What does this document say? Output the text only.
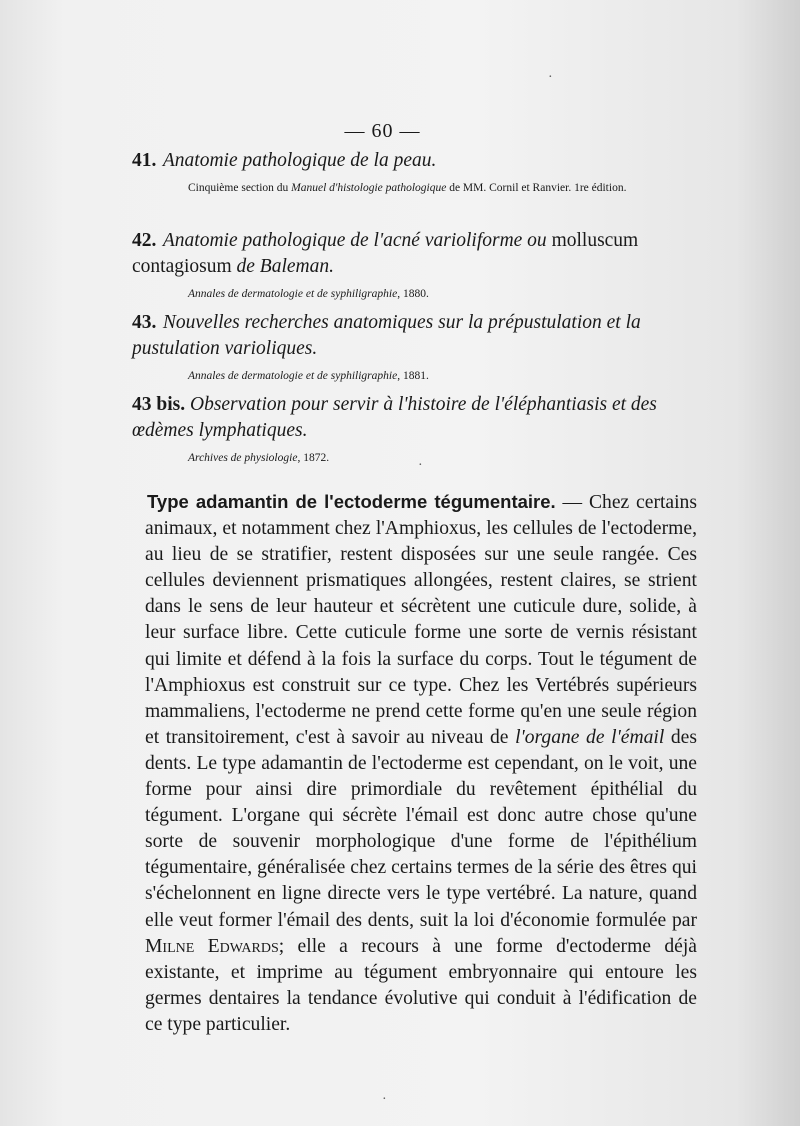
— 60 —
41. Anatomie pathologique de la peau.
Cinquième section du Manuel d'histologie pathologique de MM. Cornil et Ranvier. 1re édition.
42. Anatomie pathologique de l'acné varioliforme ou molluscum contagiosum de Baleman.
Annales de dermatologie et de syphiligraphie, 1880.
43. Nouvelles recherches anatomiques sur la prépustulation et la pustulation varioliques.
Annales de dermatologie et de syphiligraphie, 1881.
43 bis. Observation pour servir à l'histoire de l'éléphantiasis et des œdèmes lymphatiques.
Archives de physiologie, 1872.
Type adamantin de l'ectoderme tégumentaire. — Chez certains animaux, et notamment chez l'Amphioxus, les cellules de l'ectoderme, au lieu de se stratifier, restent disposées sur une seule rangée. Ces cellules deviennent prismatiques allongées, restent claires, se strient dans le sens de leur hauteur et sécrètent une cuticule dure, solide, à leur surface libre. Cette cuticule forme une sorte de vernis résistant qui limite et défend à la fois la surface du corps. Tout le tégument de l'Amphioxus est construit sur ce type. Chez les Vertébrés supérieurs mammaliens, l'ectoderme ne prend cette forme qu'en une seule région et transitoirement, c'est à savoir au niveau de l'organe de l'émail des dents. Le type adamantin de l'ectoderme est cependant, on le voit, une forme pour ainsi dire primordiale du revêtement épithélial du tégument. L'organe qui sécrète l'émail est donc autre chose qu'une sorte de souvenir morphologique d'une forme de l'épithélium tégumentaire, généralisée chez certains termes de la série des êtres qui s'échelonnent en ligne directe vers le type vertébré. La nature, quand elle veut former l'émail des dents, suit la loi d'économie formulée par Milne Edwards; elle a recours à une forme d'ectoderme déjà existante, et imprime au tégument embryonnaire qui entoure les germes dentaires la tendance évolutive qui conduit à l'édification de ce type particulier.
·
·
·
